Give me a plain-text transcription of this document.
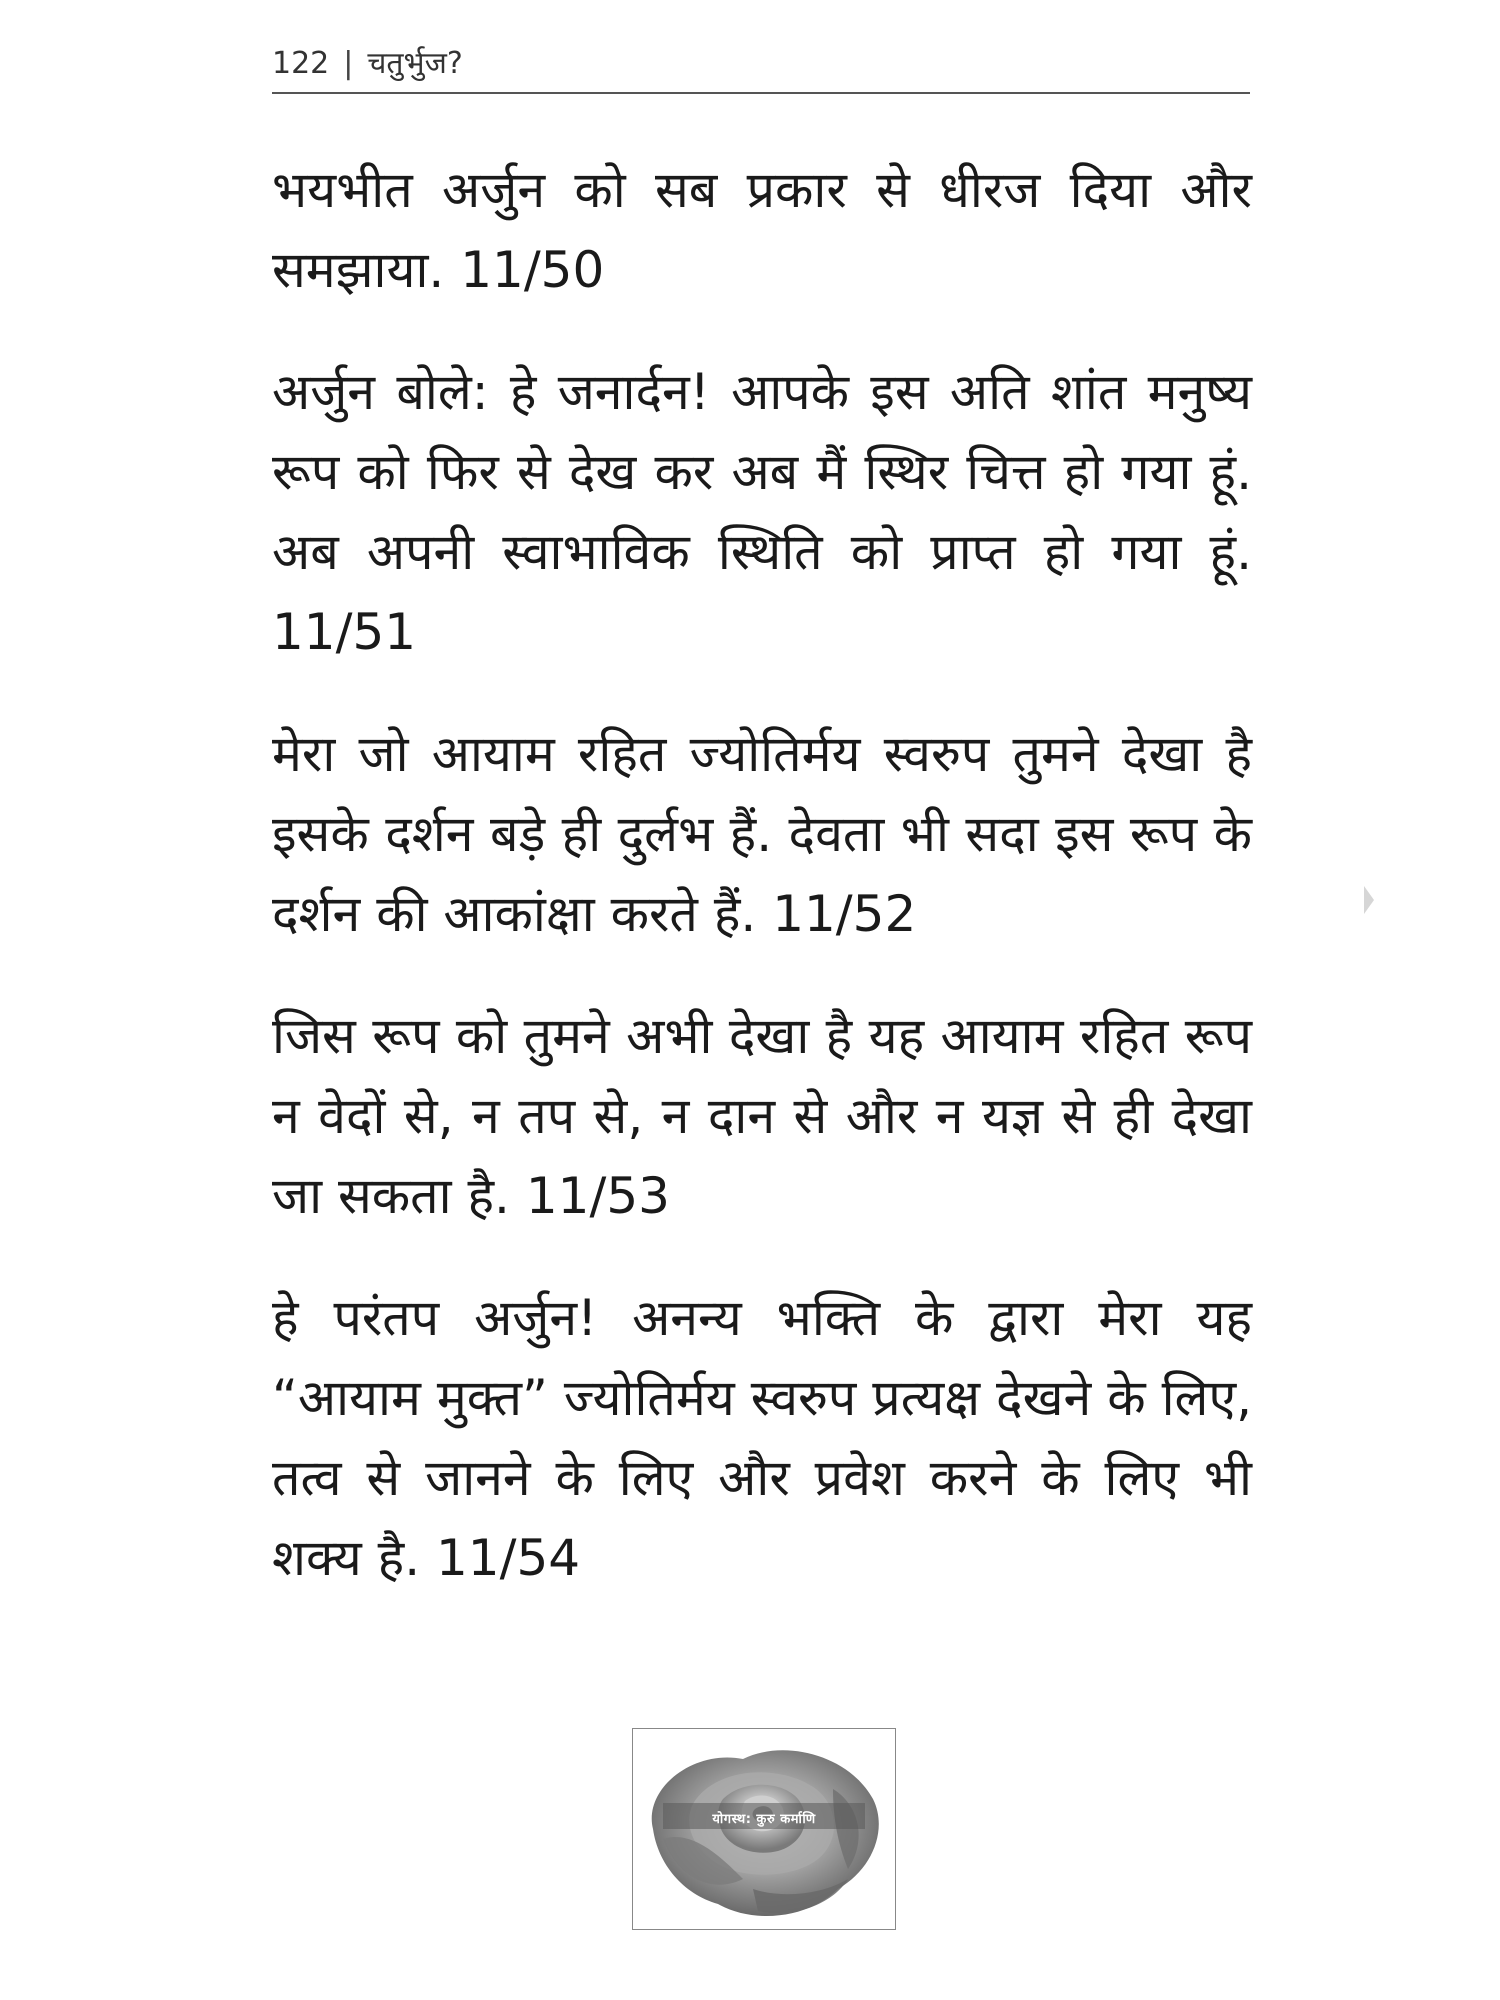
122 | चतुर्भुज?

भयभीत अर्जुन को सब प्रकार से धीरज दिया और समझाया. 11/50

अर्जुन बोले: हे जनार्दन! आपके इस अति शांत मनुष्य रूप को फिर से देख कर अब मैं स्थिर चित्त हो गया हूं. अब अपनी स्वाभाविक स्थिति को प्राप्त हो गया हूं. 11/51

मेरा जो आयाम रहित ज्योतिर्मय स्वरुप तुमने देखा है इसके दर्शन बड़े ही दुर्लभ हैं. देवता भी सदा इस रूप के दर्शन की आकांक्षा करते हैं. 11/52

जिस रूप को तुमने अभी देखा है यह आयाम रहित रूप न वेदों से, न तप से, न दान से और न यज्ञ से ही देखा जा सकता है. 11/53

हे परंतप अर्जुन! अनन्य भक्ति के द्वारा मेरा यह “आयाम मुक्त” ज्योतिर्मय स्वरुप प्रत्यक्ष देखने के लिए, तत्व से जानने के लिए और प्रवेश करने के लिए भी शक्य है. 11/54

योगस्थ: कुरु कर्माणि
